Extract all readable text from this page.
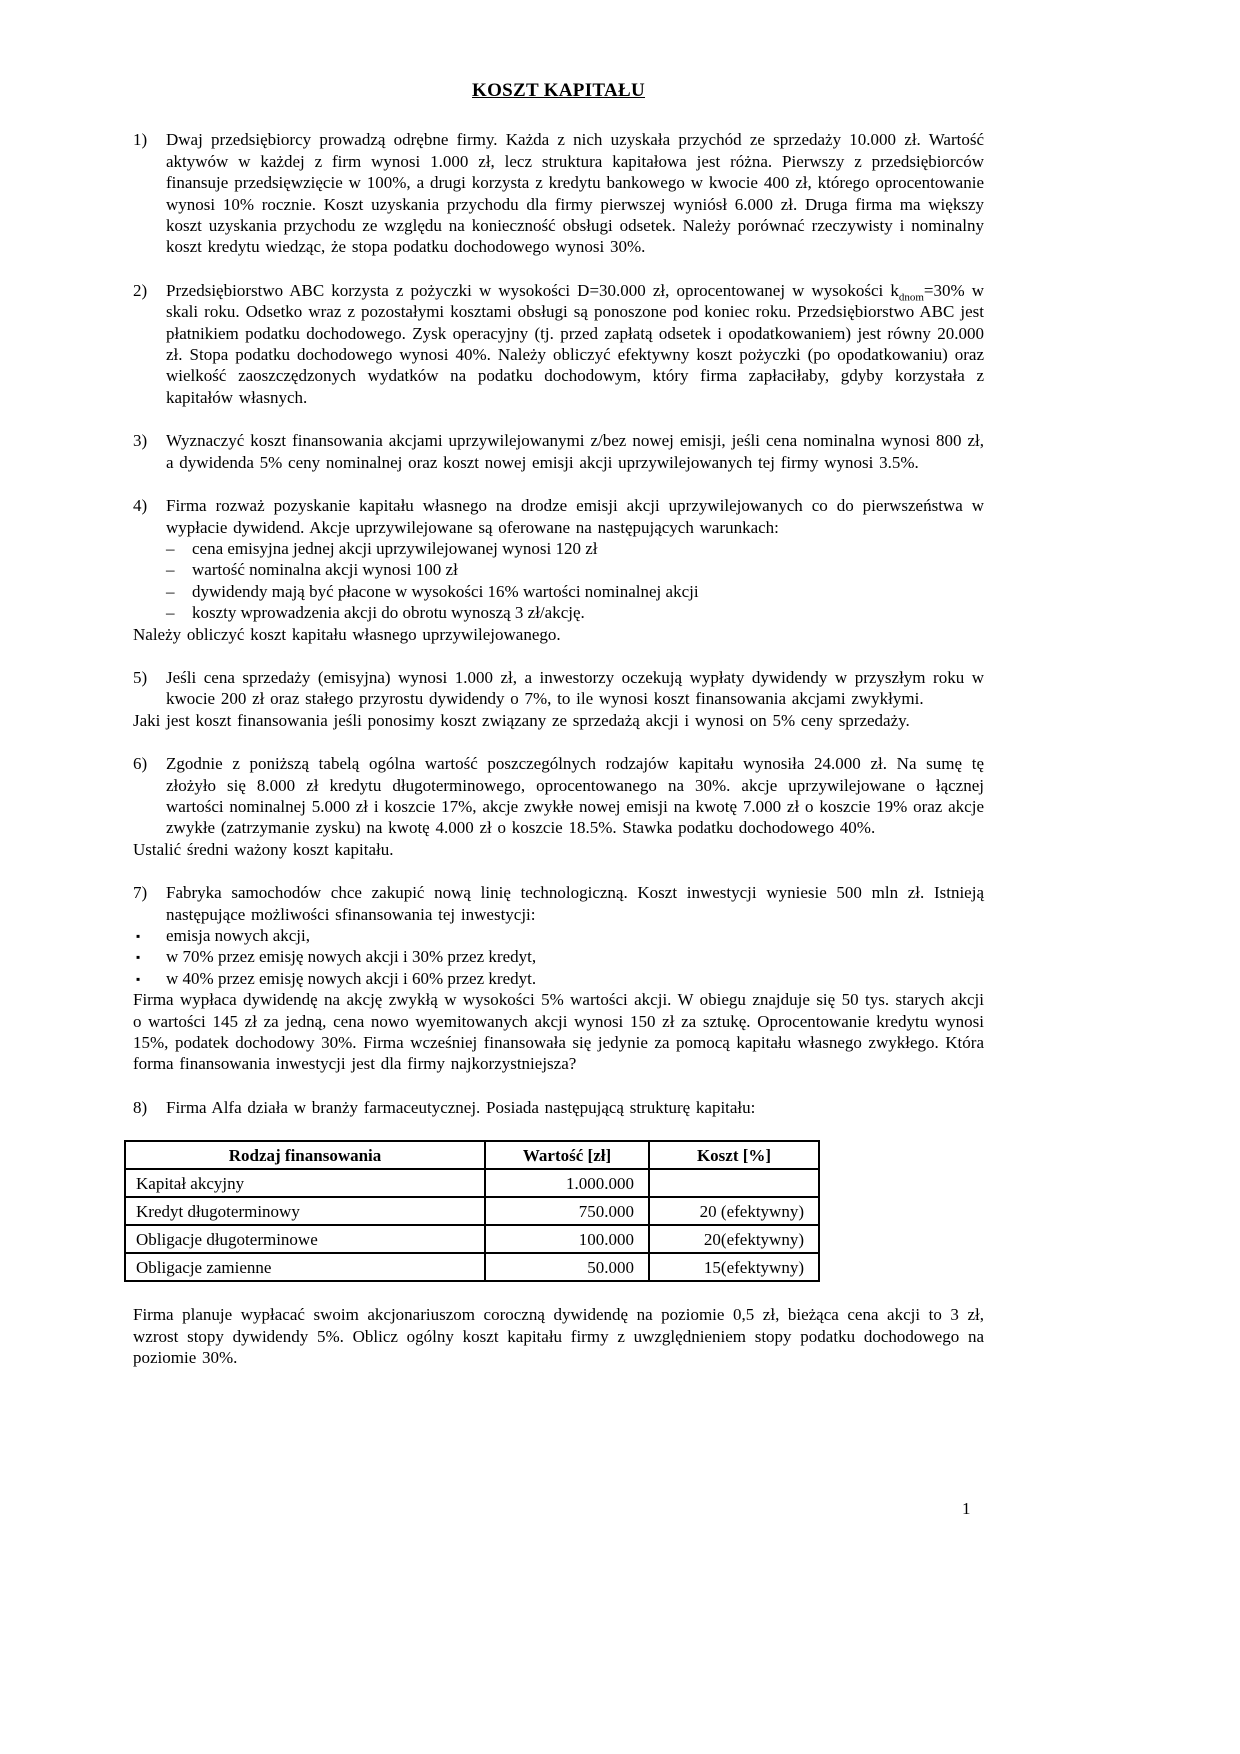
KOSZT KAPITAŁU
1) Dwaj przedsiębiorcy prowadzą odrębne firmy. Każda z nich uzyskała przychód ze sprzedaży 10.000 zł. Wartość aktywów w każdej z firm wynosi 1.000 zł, lecz struktura kapitałowa jest różna. Pierwszy z przedsiębiorców finansuje przedsięwzięcie w 100%, a drugi korzysta z kredytu bankowego w kwocie 400 zł, którego oprocentowanie wynosi 10% rocznie. Koszt uzyskania przychodu dla firmy pierwszej wyniósł 6.000 zł. Druga firma ma większy koszt uzyskania przychodu ze względu na konieczność obsługi odsetek. Należy porównać rzeczywisty i nominalny koszt kredytu wiedząc, że stopa podatku dochodowego wynosi 30%.
2) Przedsiębiorstwo ABC korzysta z pożyczki w wysokości D=30.000 zł, oprocentowanej w wysokości $k_{dnom}=30\%$ w skali roku. Odsetko wraz z pozostałymi kosztami obsługi są ponoszone pod koniec roku. Przedsiębiorstwo ABC jest płatnikiem podatku dochodowego. Zysk operacyjny (tj. przed zapłatą odsetek i opodatkowaniem) jest równy 20.000 zł. Stopa podatku dochodowego wynosi 40%. Należy obliczyć efektywny koszt pożyczki (po opodatkowaniu) oraz wielkość zaoszczędzonych wydatków na podatku dochodowym, który firma zapłaciłaby, gdyby korzystała z kapitałów własnych.
3) Wyznaczyć koszt finansowania akcjami uprzywilejowanymi z/bez nowej emisji, jeśli cena nominalna wynosi 800 zł, a dywidenda 5% ceny nominalnej oraz koszt nowej emisji akcji uprzywilejowanych tej firmy wynosi 3.5%.
4) Firma rozważ pozyskanie kapitału własnego na drodze emisji akcji uprzywilejowanych co do pierwszeństwa w wypłacie dywidend. Akcje uprzywilejowane są oferowane na następujących warunkach:
– cena emisyjna jednej akcji uprzywilejowanej wynosi 120 zł
– wartość nominalna akcji wynosi 100 zł
– dywidendy mają być płacone w wysokości 16% wartości nominalnej akcji
– koszty wprowadzenia akcji do obrotu wynoszą 3 zł/akcję.
Należy obliczyć koszt kapitału własnego uprzywilejowanego.
5) Jeśli cena sprzedaży (emisyjna) wynosi 1.000 zł, a inwestorzy oczekują wypłaty dywidendy w przyszłym roku w kwocie 200 zł oraz stałego przyrostu dywidendy o 7%, to ile wynosi koszt finansowania akcjami zwykłymi.
Jaki jest koszt finansowania jeśli ponosimy koszt związany ze sprzedażą akcji i wynosi on 5% ceny sprzedaży.
6) Zgodnie z poniższą tabelą ogólna wartość poszczególnych rodzajów kapitału wynosiła 24.000 zł. Na sumę tę złożyło się 8.000 zł kredytu długoterminowego, oprocentowanego na 30%. akcje uprzywilejowane o łącznej wartości nominalnej 5.000 zł i koszcie 17%, akcje zwykłe nowej emisji na kwotę 7.000 zł o koszcie 19% oraz akcje zwykłe (zatrzymanie zysku) na kwotę 4.000 zł o koszcie 18.5%. Stawka podatku dochodowego 40%.
Ustalić średni ważony koszt kapitału.
7) Fabryka samochodów chce zakupić nową linię technologiczną. Koszt inwestycji wyniesie 500 mln zł. Istnieją następujące możliwości sfinansowania tej inwestycji:
▪ emisja nowych akcji,
▪ w 70% przez emisję nowych akcji i 30% przez kredyt,
▪ w 40% przez emisję nowych akcji i 60% przez kredyt.
Firma wypłaca dywidendę na akcję zwykłą w wysokości 5% wartości akcji. W obiegu znajduje się 50 tys. starych akcji o wartości 145 zł za jedną, cena nowo wyemitowanych akcji wynosi 150 zł za sztukę. Oprocentowanie kredytu wynosi 15%, podatek dochodowy 30%. Firma wcześniej finansowała się jedynie za pomocą kapitału własnego zwykłego. Która forma finansowania inwestycji jest dla firmy najkorzystniejsza?
8) Firma Alfa działa w branży farmaceutycznej. Posiada następującą strukturę kapitału:
Rodzaj finansowania	Wartość [zł]	Koszt [%]
Kapitał akcyjny	1.000.000	
Kredyt długoterminowy	750.000	20 (efektywny)
Obligacje długoterminowe	100.000	20(efektywny)
Obligacje zamienne	50.000	15(efektywny)
Firma planuje wypłacać swoim akcjonariuszom coroczną dywidendę na poziomie 0,5 zł, bieżąca cena akcji to 3 zł, wzrost stopy dywidendy 5%. Oblicz ogólny koszt kapitału firmy z uwzględnieniem stopy podatku dochodowego na poziomie 30%.
1
